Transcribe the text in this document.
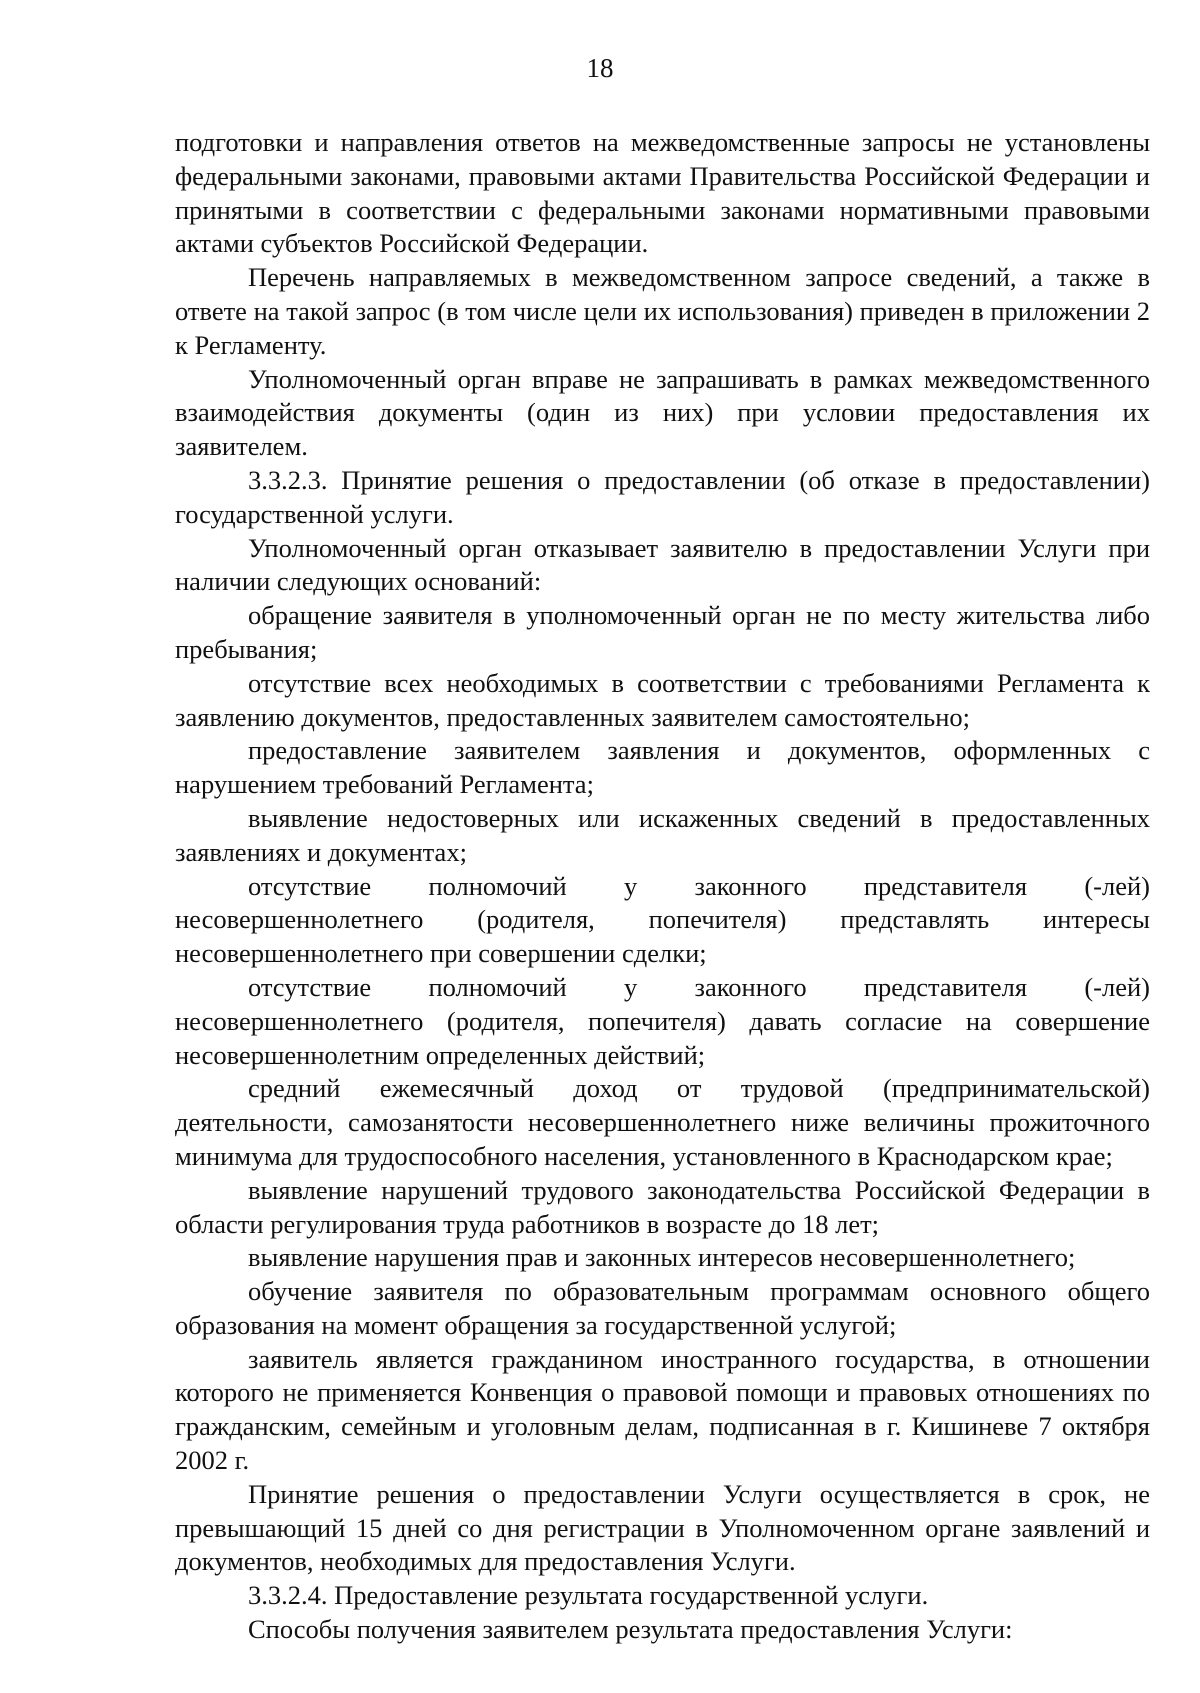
18

подготовки и направления ответов на межведомственные запросы не установлены федеральными законами, правовыми актами Правительства Российской Федерации и принятыми в соответствии с федеральными законами нормативными правовыми актами субъектов Российской Федерации.

Перечень направляемых в межведомственном запросе сведений, а также в ответе на такой запрос (в том числе цели их использования) приведен в приложении 2 к Регламенту.

Уполномоченный орган вправе не запрашивать в рамках межведомственного взаимодействия документы (один из них) при условии предоставления их заявителем.

3.3.2.3. Принятие решения о предоставлении (об отказе в предоставлении) государственной услуги.

Уполномоченный орган отказывает заявителю в предоставлении Услуги при наличии следующих оснований:

обращение заявителя в уполномоченный орган не по месту жительства либо пребывания;

отсутствие всех необходимых в соответствии с требованиями Регламента к заявлению документов, предоставленных заявителем самостоятельно;

предоставление заявителем заявления и документов, оформленных с нарушением требований Регламента;

выявление недостоверных или искаженных сведений в предоставленных заявлениях и документах;

отсутствие полномочий у законного представителя (-лей) несовершеннолетнего (родителя, попечителя) представлять интересы несовершеннолетнего при совершении сделки;

отсутствие полномочий у законного представителя (-лей) несовершеннолетнего (родителя, попечителя) давать согласие на совершение несовершеннолетним определенных действий;

средний ежемесячный доход от трудовой (предпринимательской) деятельности, самозанятости несовершеннолетнего ниже величины прожиточного минимума для трудоспособного населения, установленного в Краснодарском крае;

выявление нарушений трудового законодательства Российской Федерации в области регулирования труда работников в возрасте до 18 лет;

выявление нарушения прав и законных интересов несовершеннолетнего;

обучение заявителя по образовательным программам основного общего образования на момент обращения за государственной услугой;

заявитель является гражданином иностранного государства, в отношении которого не применяется Конвенция о правовой помощи и правовых отношениях по гражданским, семейным и уголовным делам, подписанная в г. Кишиневе 7 октября 2002 г.

Принятие решения о предоставлении Услуги осуществляется в срок, не превышающий 15 дней со дня регистрации в Уполномоченном органе заявлений и документов, необходимых для предоставления Услуги.

3.3.2.4. Предоставление результата государственной услуги.

Способы получения заявителем результата предоставления Услуги:
